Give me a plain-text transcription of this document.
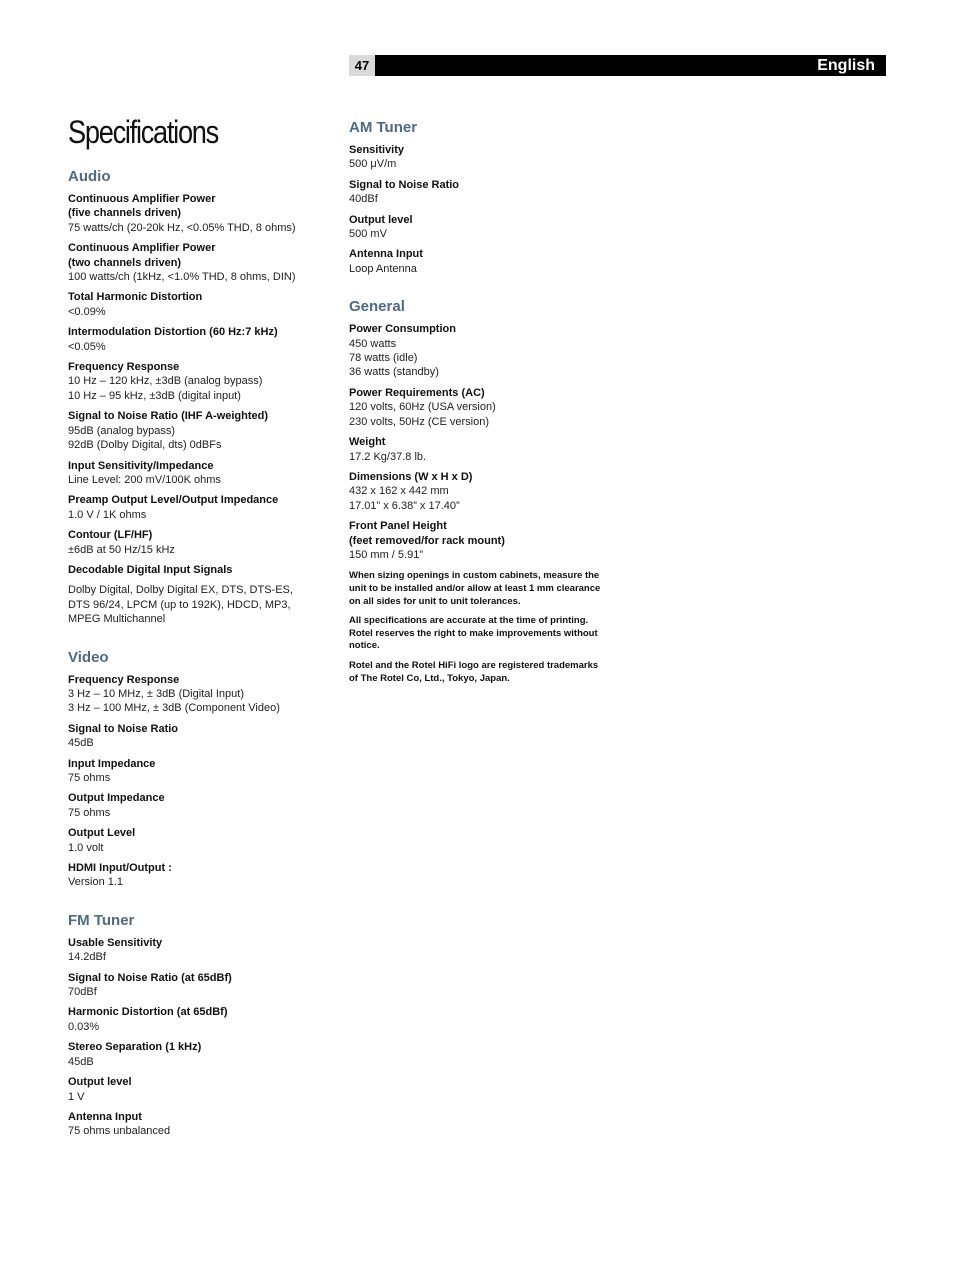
47	English
Specifications
Audio
Continuous Amplifier Power
(five channels driven)
75 watts/ch (20-20k Hz, <0.05% THD, 8 ohms)
Continuous Amplifier Power
(two channels driven)
100 watts/ch (1kHz, <1.0% THD, 8 ohms, DIN)
Total Harmonic Distortion
<0.09%
Intermodulation Distortion (60 Hz:7 kHz)
<0.05%
Frequency Response
10 Hz – 120 kHz, ±3dB (analog bypass)
10 Hz – 95 kHz, ±3dB (digital input)
Signal to Noise Ratio (IHF A-weighted)
95dB (analog bypass)
92dB (Dolby Digital, dts) 0dBFs
Input Sensitivity/Impedance
Line Level: 200 mV/100K ohms
Preamp Output Level/Output Impedance
1.0 V / 1K ohms
Contour (LF/HF)
±6dB at 50 Hz/15 kHz
Decodable Digital Input Signals
Dolby Digital, Dolby Digital EX, DTS, DTS-ES,
DTS 96/24, LPCM (up to 192K), HDCD, MP3,
MPEG Multichannel
Video
Frequency Response
3 Hz – 10 MHz, ± 3dB (Digital Input)
3 Hz – 100 MHz, ± 3dB (Component Video)
Signal to Noise Ratio
45dB
Input Impedance
75 ohms
Output Impedance
75 ohms
Output Level
1.0 volt
HDMI Input/Output :
Version 1.1
FM Tuner
Usable Sensitivity
14.2dBf
Signal to Noise Ratio (at 65dBf)
70dBf
Harmonic Distortion (at 65dBf)
0.03%
Stereo Separation (1 kHz)
45dB
Output level
1 V
Antenna Input
75 ohms unbalanced
AM Tuner
Sensitivity
500 μV/m
Signal to Noise Ratio
40dBf
Output level
500 mV
Antenna Input
Loop Antenna
General
Power Consumption
450 watts
78 watts (idle)
36 watts (standby)
Power Requirements (AC)
120 volts, 60Hz (USA version)
230 volts, 50Hz (CE version)
Weight
17.2 Kg/37.8 lb.
Dimensions (W x H x D)
432 x 162 x 442 mm
17.01” x 6.38” x 17.40”
Front Panel Height
(feet removed/for rack mount)
150 mm / 5.91”

When sizing openings in custom cabinets, measure the unit to be installed and/or allow at least 1 mm clearance on all sides for unit to unit tolerances.

All specifications are accurate at the time of printing. Rotel reserves the right to make improvements without notice.

Rotel and the Rotel HiFi logo are registered trademarks of The Rotel Co, Ltd., Tokyo, Japan.
